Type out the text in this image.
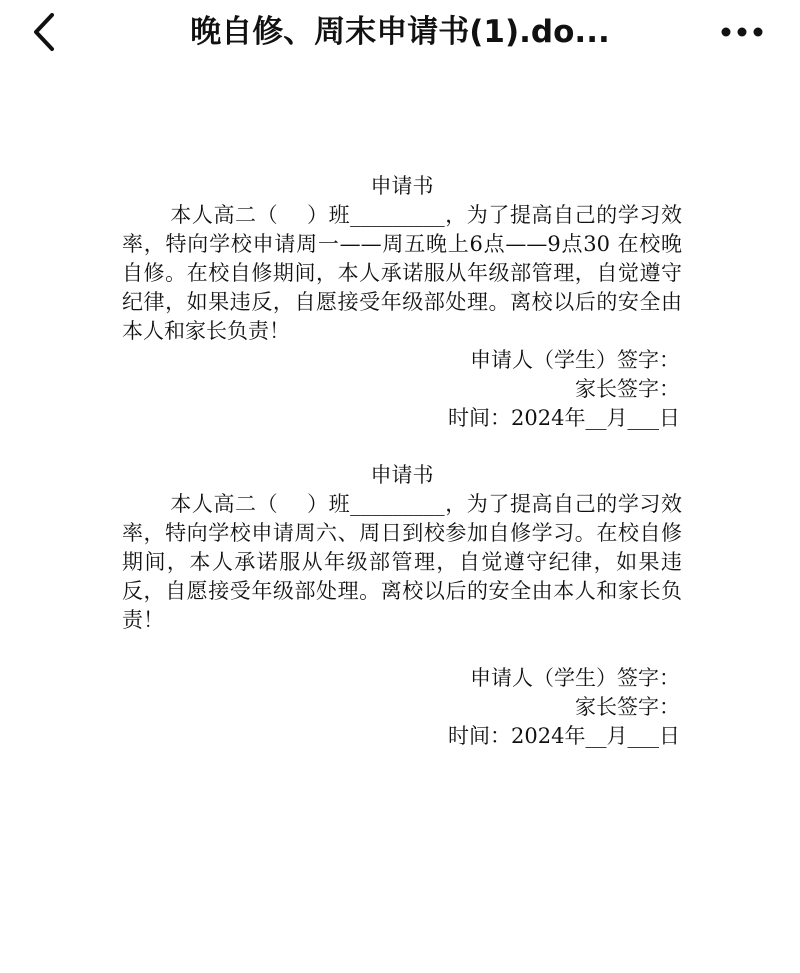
晚自修、周末申请书(1).do...
申请书
本人高二（　 ）班_________，为了提高自己的学习效率，特向学校申请周一——周五晚上6点——9点30 在校晚自修。在校自修期间，本人承诺服从年级部管理，自觉遵守纪律，如果违反，自愿接受年级部处理。离校以后的安全由本人和家长负责！
申请人（学生）签字：
家长签字：
时间：2024年__月___日
申请书
本人高二（　 ）班_________，为了提高自己的学习效率，特向学校申请周六、周日到校参加自修学习。在校自修期间，本人承诺服从年级部管理，自觉遵守纪律，如果违反，自愿接受年级部处理。离校以后的安全由本人和家长负责！
申请人（学生）签字：
家长签字：
时间：2024年__月___日
